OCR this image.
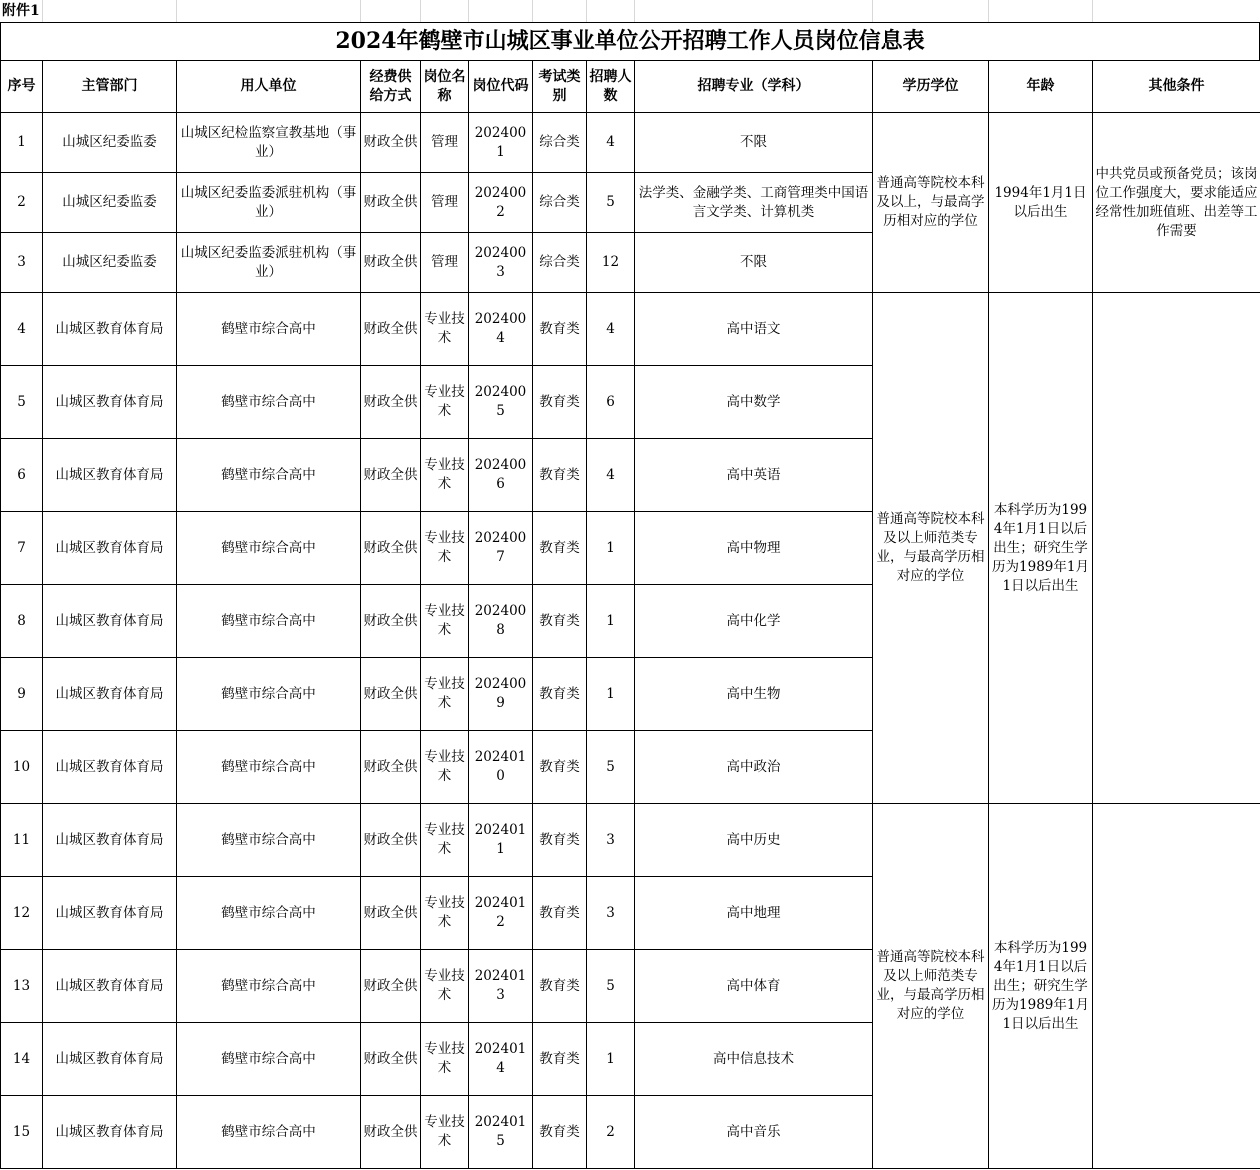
附件1
2024年鹤壁市山城区事业单位公开招聘工作人员岗位信息表
序号	主管部门	用人单位	经费供给方式	岗位名称	岗位代码	考试类别	招聘人数	招聘专业（学科）	学历学位	年龄	其他条件
1	山城区纪委监委	山城区纪检监察宣教基地（事业）	财政全供	管理	2024001	综合类	4	不限	普通高等院校本科及以上，与最高学历相对应的学位	1994年1月1日以后出生	中共党员或预备党员；该岗位工作强度大，要求能适应经常性加班值班、出差等工作需要
2	山城区纪委监委	山城区纪委监委派驻机构（事业）	财政全供	管理	2024002	综合类	5	法学类、金融学类、工商管理类中国语言文学类、计算机类			
3	山城区纪委监委	山城区纪委监委派驻机构（事业）	财政全供	管理	2024003	综合类	12	不限			
4	山城区教育体育局	鹤壁市综合高中	财政全供	专业技术	2024004	教育类	4	高中语文	普通高等院校本科及以上师范类专业，与最高学历相对应的学位	本科学历为1994年1月1日以后出生；研究生学历为1989年1月1日以后出生	
5	山城区教育体育局	鹤壁市综合高中	财政全供	专业技术	2024005	教育类	6	高中数学			
6	山城区教育体育局	鹤壁市综合高中	财政全供	专业技术	2024006	教育类	4	高中英语			
7	山城区教育体育局	鹤壁市综合高中	财政全供	专业技术	2024007	教育类	1	高中物理			
8	山城区教育体育局	鹤壁市综合高中	财政全供	专业技术	2024008	教育类	1	高中化学			
9	山城区教育体育局	鹤壁市综合高中	财政全供	专业技术	2024009	教育类	1	高中生物			
10	山城区教育体育局	鹤壁市综合高中	财政全供	专业技术	2024010	教育类	5	高中政治			
11	山城区教育体育局	鹤壁市综合高中	财政全供	专业技术	2024011	教育类	3	高中历史	普通高等院校本科及以上师范类专业，与最高学历相对应的学位	本科学历为1994年1月1日以后出生；研究生学历为1989年1月1日以后出生	
12	山城区教育体育局	鹤壁市综合高中	财政全供	专业技术	2024012	教育类	3	高中地理			
13	山城区教育体育局	鹤壁市综合高中	财政全供	专业技术	2024013	教育类	5	高中体育			
14	山城区教育体育局	鹤壁市综合高中	财政全供	专业技术	2024014	教育类	1	高中信息技术			
15	山城区教育体育局	鹤壁市综合高中	财政全供	专业技术	2024015	教育类	2	高中音乐			
